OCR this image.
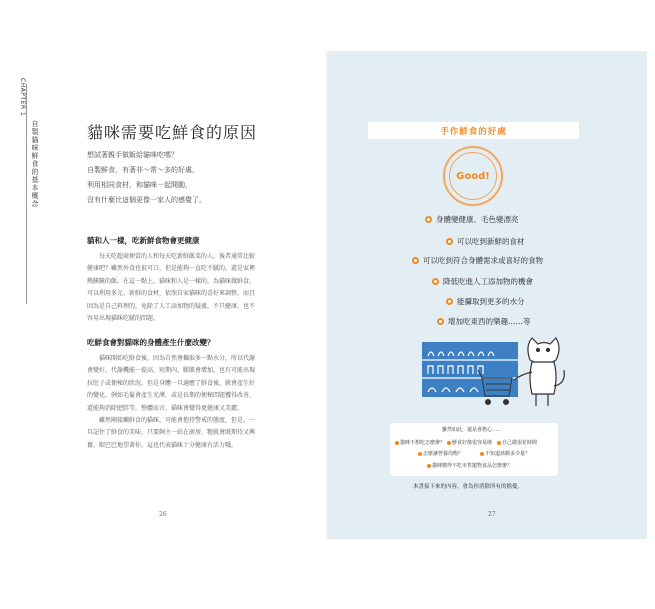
CHAPTER 1
自製貓咪鮮食的基本概念	貓咪需要吃鮮食的原因
想試著親手做飯給貓咪吃嗎？
自製鮮食，有著非～常～多的好處，
利用相同食材，和貓咪一起開動，
沒有什麼比這個更像一家人的感覺了。
貓和人一樣，吃新鮮食物會更健康
每天吃超商便當的人和每天吃新鮮飯菜的人，後者通常比較
健康吧？雖然外食也很可口，但是能夠一直吃不膩的，還是家裡
熱騰騰的飯。在這一點上，貓咪和人是一樣的，為貓咪做鮮食，
可以利用多元、新鮮的食材，依照自家貓咪的喜好來調整，而且
因為是自己料理的，免除了人工添加物的疑慮，不只健康，也不
容易出現貓咪吃膩的問題。
吃鮮食會對貓咪的身體產生什麼改變？
貓咪開始吃鮮食後，因為自然會攝取多一點水分，所以代謝
會變好，代謝機能一提高，短期內，膨脹會增加，也有可能出現
拉肚子或便秘的狀況，但是身體一旦適應了鮮食後，就會產生好
的變化，例如毛髮會產生光澤，或是長期的便秘問題獲得改善，
還能夠消除肥胖等，整體而言，貓咪會變得更健康又美麗。
雖然剛接觸鮮食的貓咪，可能會抱持警戒的態度，但是，一
旦記住了鮮食的美味，只要飼主一站在廚房，牠就會既期待又興
奮，眼巴巴地望著你，這也代表貓咪十分健康有活力哦。
26
手作鮮食的好處
Good!
身體變健康、毛色變漂亮
可以吃到新鮮的食材
可以吃到符合身體需求或喜好的食物
降低吃進人工添加物的機會
能攝取到更多的水分
增加吃東西的樂趣……等
雖然如此，還是會擔心……
貓咪不想吃怎麼辦？ 鮮食好像很容易壞 自己做很花時間
怎麼讓營養均衡？	不知道該餵多少量？
貓咪變得不吃市售寵物食品怎麼辦？
本書接下來的內容，會為你消除所有的擔憂。
27
